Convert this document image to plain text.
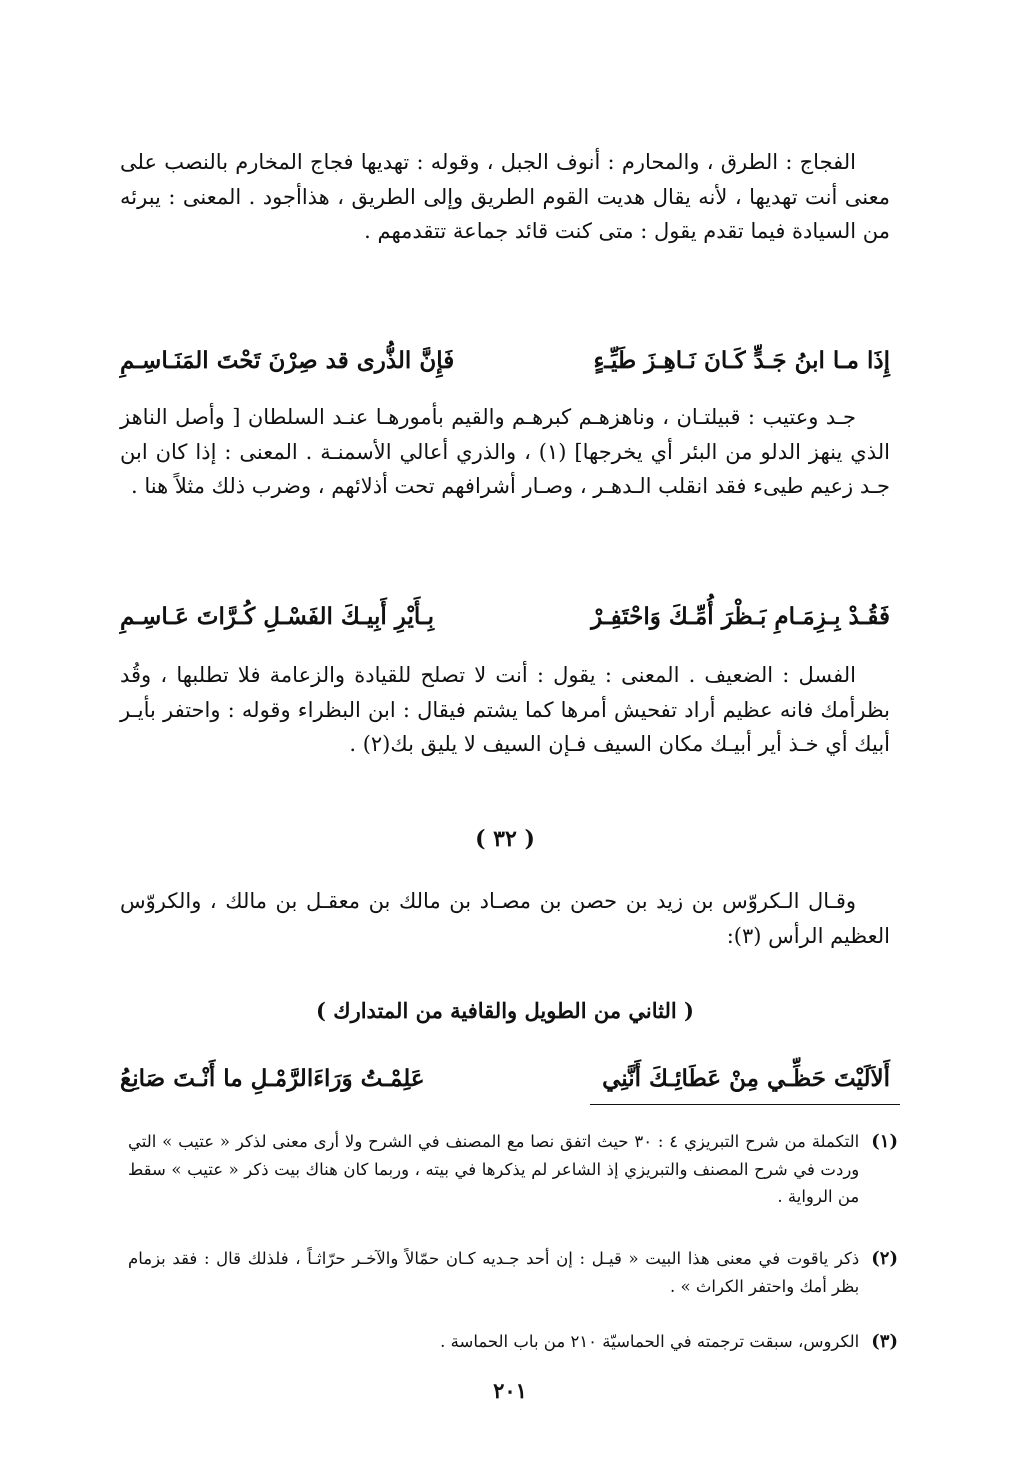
الفجاج : الطرق ، والمحارم : أنوف الجبل ، وقوله : تهديها فجاج المخارم بالنصب على معنى أنت تهديها ، لأنه يقال هديت القوم الطريق وإلى الطريق ، هذاأجود . المعنى : يبرئه من السيادة فيما تقدم يقول : متى كنت قائد جماعة تتقدمهم .

إِذَا مـا ابنُ جَـدٍّ كَـانَ نَـاهِـزَ طَيِّـءٍ
فَإِنَّ الذُّرى قد صِرْنَ تَحْتَ المَنَـاسِـمِ

جـد وعتيب : قبيلتـان ، وناهزهـم كبرهـم والقيم بأمورهـا عنـد السلطان [ وأصل الناهز الذي ينهز الدلو من البئر أي يخرجها] (١) ، والذري أعالي الأسمنـة . المعنى : إذا كان ابن جـد زعيم طيىء فقد انقلب الـدهـر ، وصـار أشرافهم تحت أذلائهم ، وضرب ذلك مثلاً هنا .

فَقُـدْ بِـزِمَـامِ بَـظْرَ أُمِّـكَ وَاحْتَفِـرْ
بِـأَيْرِ أَبِيـكَ الفَسْـلِ كُـرَّاتَ عَـاسِـمِ

الفسل : الضعيف . المعنى : يقول : أنت لا تصلح للقيادة والزعامة فلا تطلبها ، وقُد بظرأمك فانه عظيم أراد تفحيش أمرها كما يشتم فيقال : ابن البظراء وقوله : واحتفر بأيـر أبيك أي خـذ أير أبيـك مكان السيف فـإن السيف لا يليق بك(٢) .

( ٣٢ )

وقـال الـكروّس بن زيد بن حصن بن مصـاد بن مالك بن معقـل بن مالك ، والكروّس العظيم الرأس (٣):

( الثاني من الطويل والقافية من المتدارك )

أَلاَلَيْتَ حَظِّـي مِنْ عَطَائِـكَ أَنَّنِي
عَلِمْـتُ وَرَاءَالرَّمْـلِ ما أَنْـتَ صَانِعُ
(١)
التكملة من شرح التبريزي ٤ : ٣٠ حيث اتفق نصا مع المصنف في الشرح ولا أرى معنى لذكر « عتيب » التي وردت في شرح المصنف والتبريزي إذ الشاعر لم يذكرها في بيته ، وربما كان هناك بيت ذكر « عتيب » سقط من الرواية .
(٢)
ذكر ياقوت في معنى هذا البيت « قيـل : إن أحد جـديه كـان حمّالاً والآخـر حرّاثـاً ، فلذلك قال : فقد بزمام بظر أمك واحتفر الكراث » .
(٣)
الكروس، سبقت ترجمته في الحماسيّة ٢١٠ من باب الحماسة .

٢٠١
